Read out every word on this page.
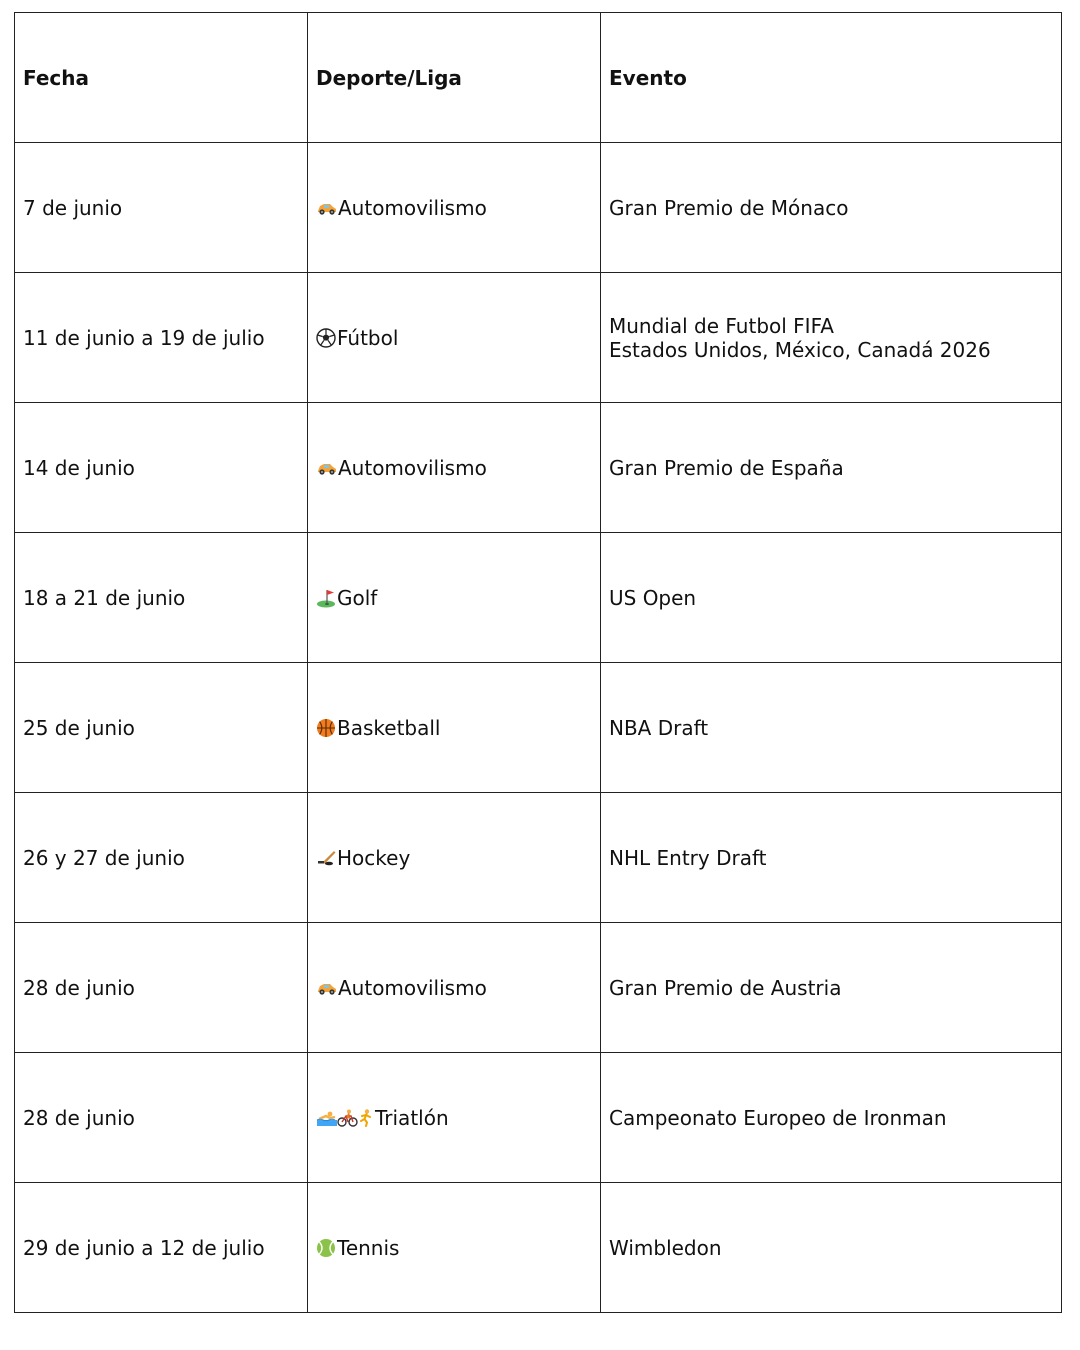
Fecha	Deporte/Liga	Evento
7 de junio	Automovilismo	Gran Premio de Mónaco
11 de junio a 19 de julio	Fútbol	Mundial de Futbol FIFA
Estados Unidos, México, Canadá 2026

14 de junio	Automovilismo	Gran Premio de España
18 a 21 de junio	Golf	US Open
25 de junio	Basketball	NBA Draft
26 y 27 de junio	Hockey	NHL Entry Draft
28 de junio	Automovilismo	Gran Premio de Austria
28 de junio	Triatlón	Campeonato Europeo de Ironman
29 de junio a 12 de julio	Tennis	Wimbledon
